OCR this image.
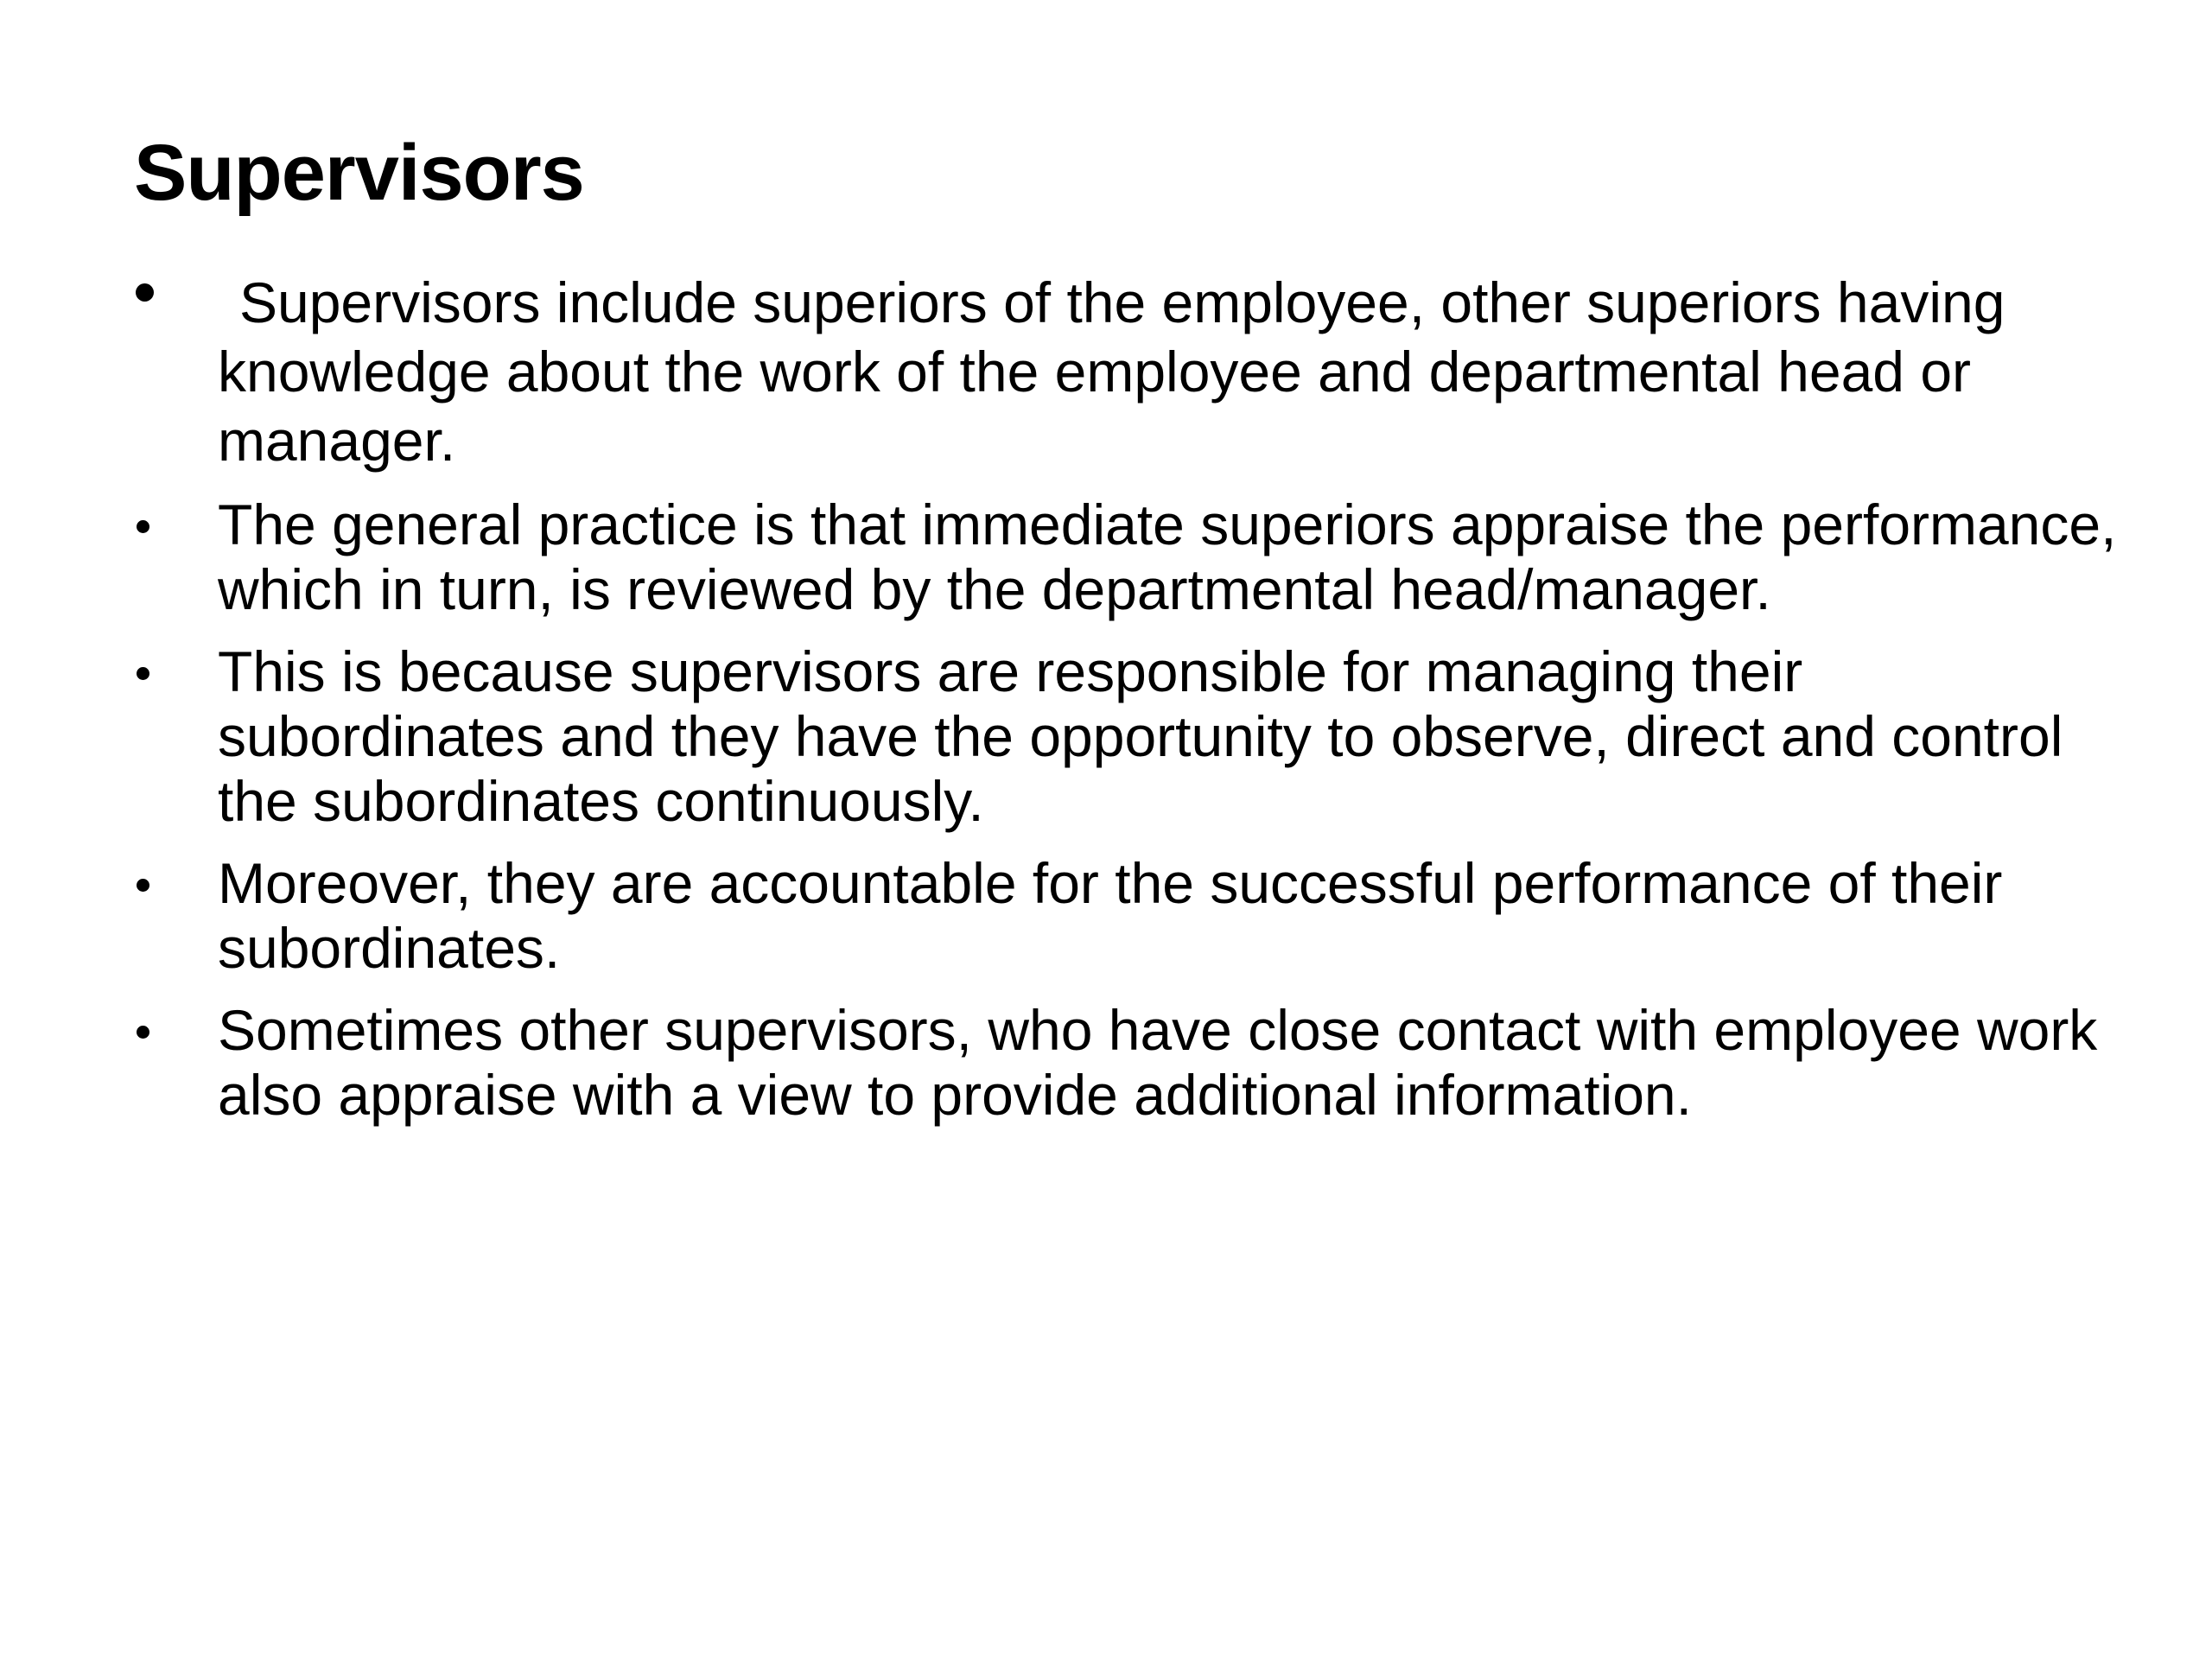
Supervisors
Supervisors include superiors of the employee, other superiors having knowledge about the work of the employee and departmental head or manager.
The general practice is that immediate superiors appraise the performance, which in turn, is reviewed by the departmental head/manager.
This is because supervisors are responsible for managing their subordinates and they have the opportunity to observe, direct and control the subordinates continuously.
Moreover, they are accountable for the successful performance of their subordinates.
Sometimes other supervisors, who have close contact with employee work also appraise with a view to provide additional information.
